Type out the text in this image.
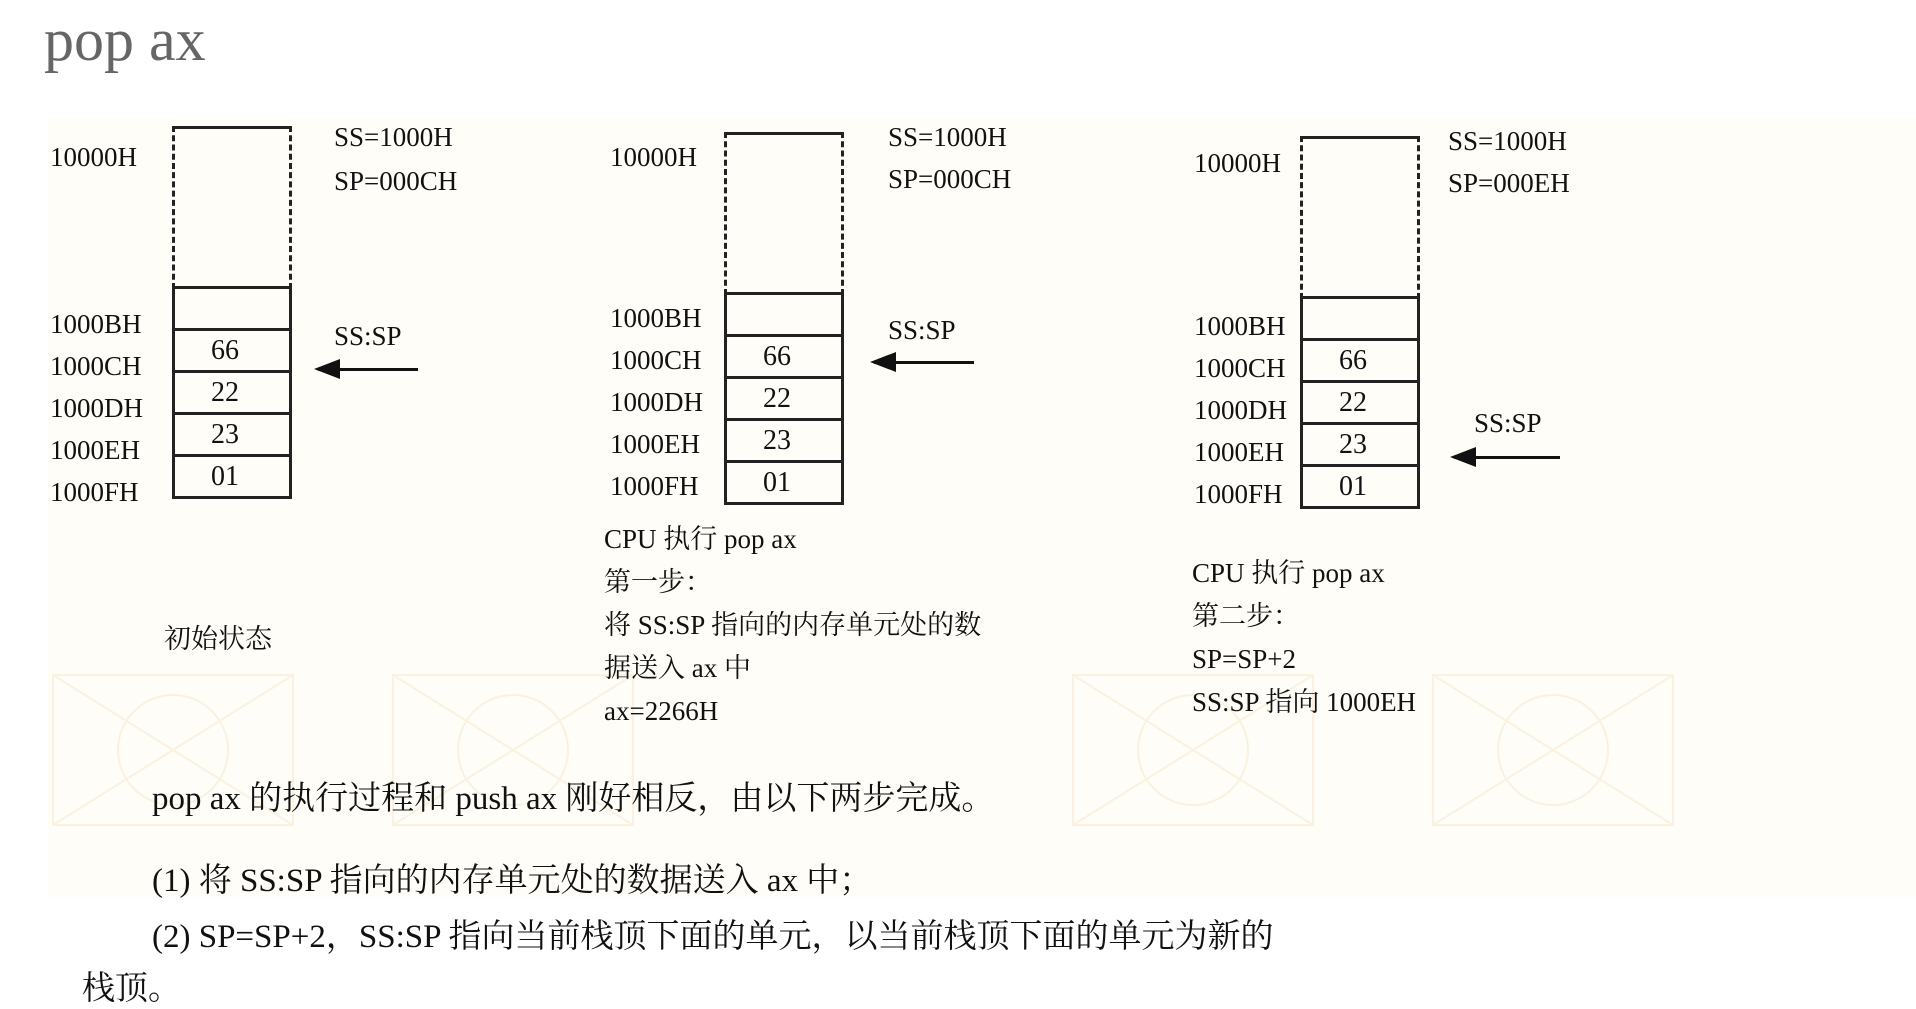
pop ax
10000H
SS=1000H
SP=000CH
66
22
23
01
1000BH
1000CH
1000DH
1000EH
1000FH
SS:SP
初始状态
10000H
SS=1000H
SP=000CH
66
22
23
01
1000BH
1000CH
1000DH
1000EH
1000FH
SS:SP
CPU 执行 pop ax
第一步：
将 SS:SP 指向的内存单元处的数
据送入 ax 中
ax=2266H
10000H
SS=1000H
SP=000EH
66
22
23
01
1000BH
1000CH
1000DH
1000EH
1000FH
SS:SP
CPU 执行 pop ax
第二步：
SP=SP+2
SS:SP 指向 1000EH
pop ax 的执行过程和 push ax 刚好相反，由以下两步完成。
(1) 将 SS:SP 指向的内存单元处的数据送入 ax 中；
(2) SP=SP+2，SS:SP 指向当前栈顶下面的单元，以当前栈顶下面的单元为新的
栈顶。
